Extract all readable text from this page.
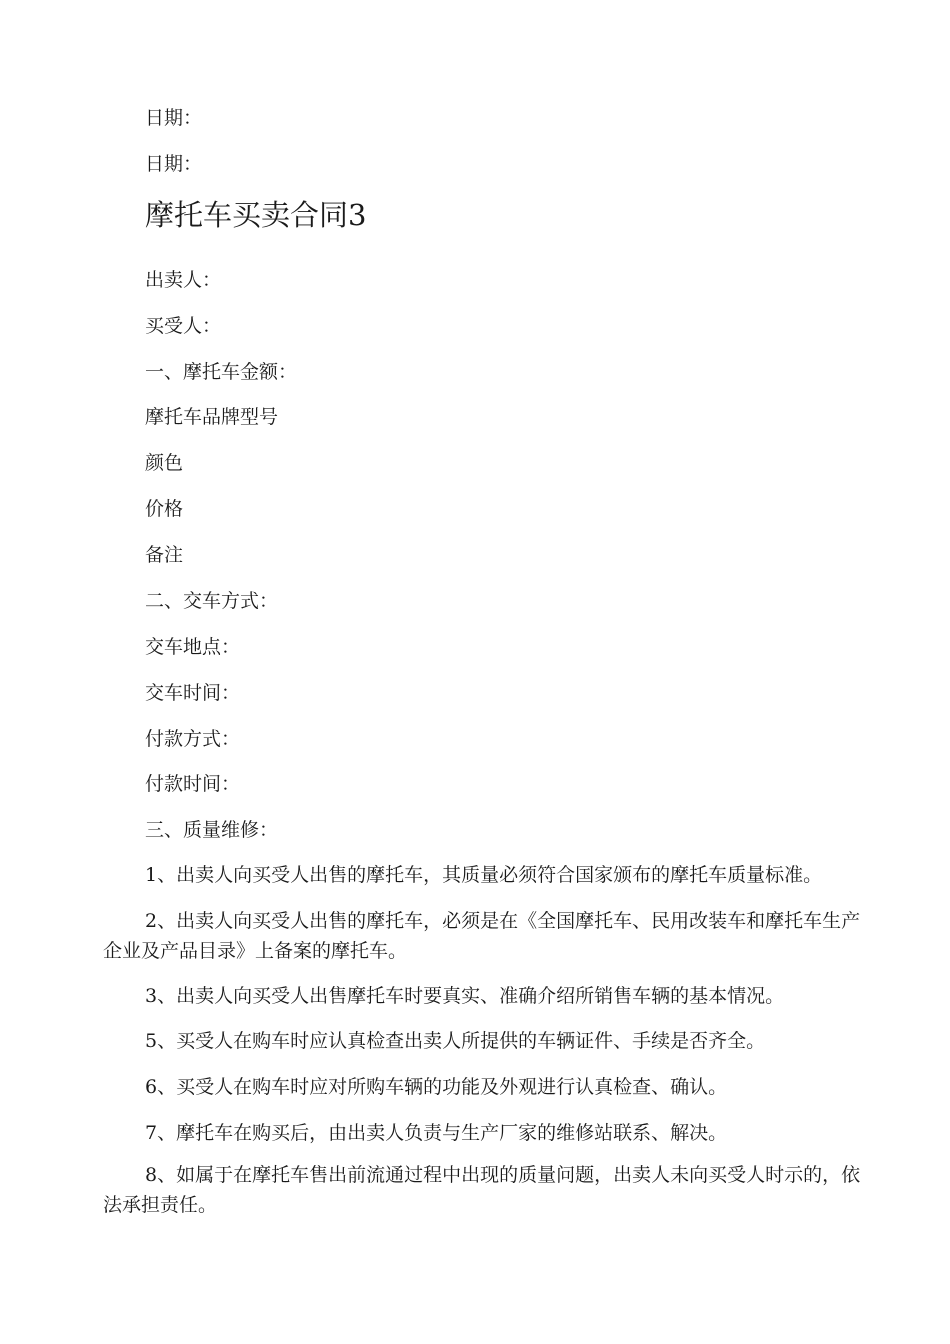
日期：

日期：

摩托车买卖合同3

出卖人：

买受人：

一、摩托车金额：

摩托车品牌型号

颜色

价格

备注

二、交车方式：

交车地点：

交车时间：

付款方式：

付款时间：

三、质量维修：

1、出卖人向买受人出售的摩托车，其质量必须符合国家颁布的摩托车质量标准。

2、出卖人向买受人出售的摩托车，必须是在《全国摩托车、民用改装车和摩托车生产企业及产品目录》上备案的摩托车。

3、出卖人向买受人出售摩托车时要真实、准确介绍所销售车辆的基本情况。

5、买受人在购车时应认真检查出卖人所提供的车辆证件、手续是否齐全。

6、买受人在购车时应对所购车辆的功能及外观进行认真检查、确认。

7、摩托车在购买后，由出卖人负责与生产厂家的维修站联系、解决。

8、如属于在摩托车售出前流通过程中出现的质量问题，出卖人未向买受人时示的，依法承担责任。
